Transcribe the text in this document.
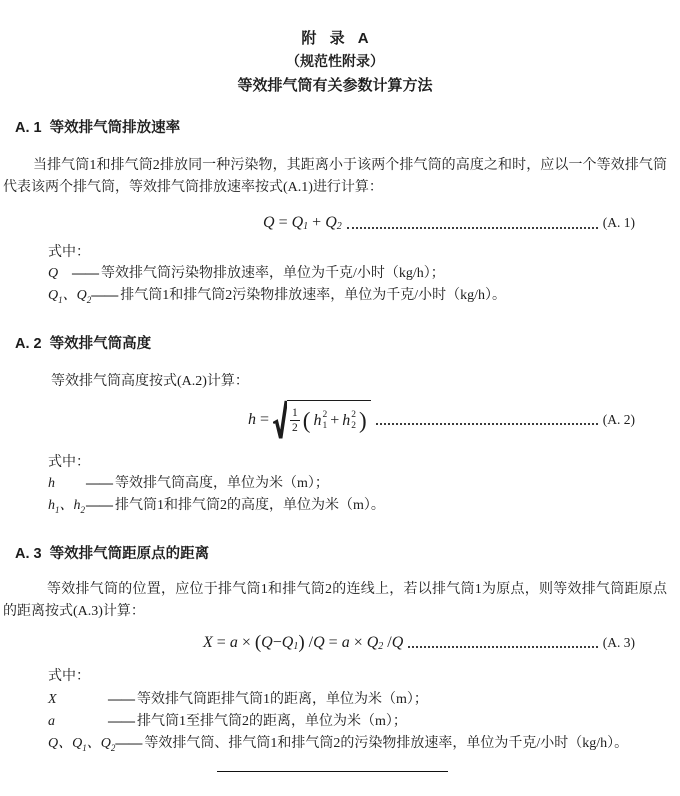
附 录 A
（规范性附录）
等效排气筒有关参数计算方法
A. 1 等效排气筒排放速率

当排气筒1和排气筒2排放同一种污染物，其距离小于该两个排气筒的高度之和时，应以一个等效排气筒代表该两个排气筒，等效排气筒排放速率按式(A.1)进行计算：

$Q = Q_1 + Q_2$	(A. 1)

式中：

Q —— 等效排气筒污染物排放速率，单位为千克/小时（kg/h）；
$Q_1$、$Q_2$ —— 排气筒1和排气筒2污染物排放速率，单位为千克/小时（kg/h）。
A. 2 等效排气筒高度

等效排气筒高度按式(A.2)计算：

$h = \frac{1}{2}$ ( h 2
1 + h 2
2 )	(A. 2)

式中：

h	—— 等效排气筒高度，单位为米（m）；
$h_1$、$h_2$ —— 排气筒1和排气筒2的高度，单位为米（m）。
A. 3 等效排气筒距原点的距离

等效排气筒的位置，应位于排气筒1和排气筒2的连线上，若以排气筒1为原点，则等效排气筒距原点的距离按式(A.3)计算：

X = a × ( $Q - Q_1$ ) / $Q = a \times Q_2 / Q$	(A. 3)

式中：

X	—— 等效排气筒距排气筒1的距离，单位为米（m）；
a	—— 排气筒1至排气筒2的距离，单位为米（m）；
Q、$Q_1$、$Q_2$ —— 等效排气筒、排气筒1和排气筒2的污染物排放速率，单位为千克/小时（kg/h）。
